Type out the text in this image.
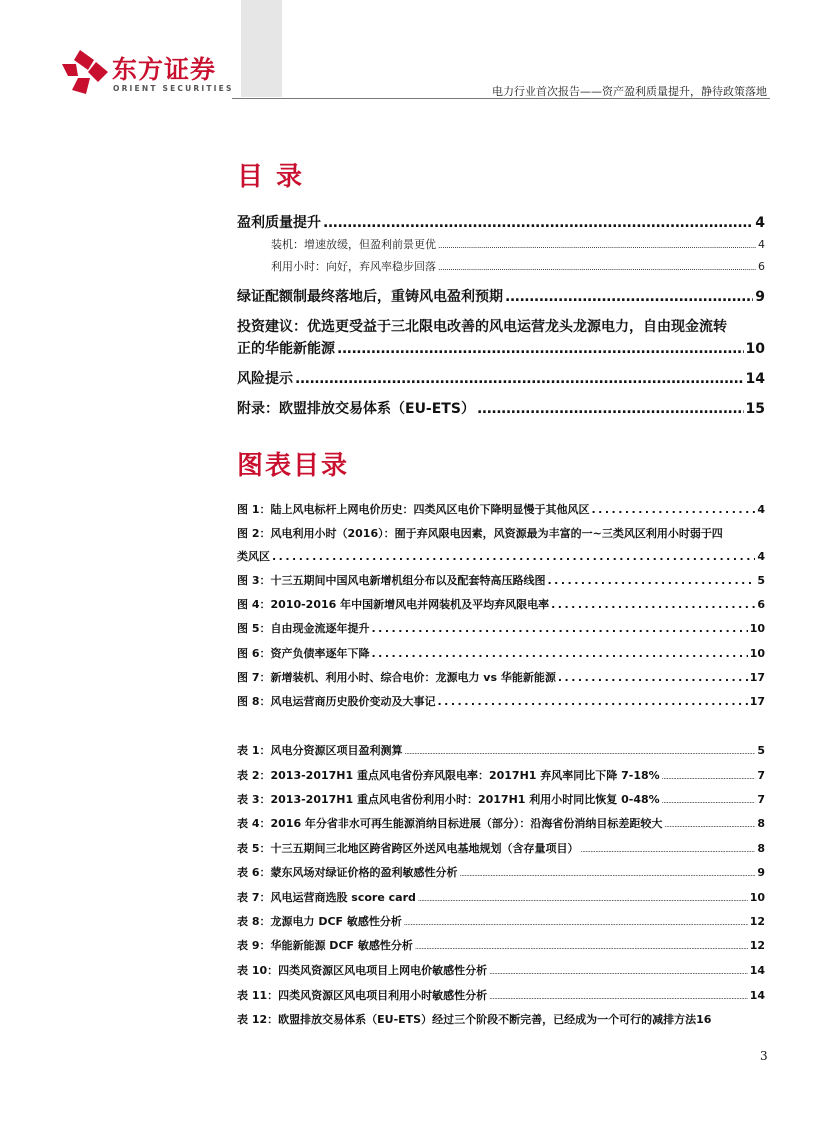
东方证券
ORIENT SECURITIES	电力行业首次报告——资产盈利质量提升，静待政策落地
目 录
盈利质量提升 .....	4
装机：增速放缓，但盈利前景更优 .....	4
利用小时：向好，弃风率稳步回落 .....	6
绿证配额制最终落地后，重铸风电盈利预期 .....	9
投资建议：优选更受益于三北限电改善的风电运营龙头龙源电力，自由现金流转
正的华能新能源 .....	10
风险提示 .....	14
附录：欧盟排放交易体系（EU-ETS） .....	15
图表目录
图 1：陆上风电标杆上网电价历史：四类风区电价下降明显慢于其他风区 .....	4
图 2：风电利用小时（2016）：囿于弃风限电因素，风资源最为丰富的一~三类风区利用小时弱于四
类风区 .....	4
图 3：十三五期间中国风电新增机组分布以及配套特高压路线图 .....	5
图 4：2010-2016 年中国新增风电并网装机及平均弃风限电率 .....	6
图 5：自由现金流逐年提升 .....	10
图 6：资产负债率逐年下降 .....	10
图 7：新增装机、利用小时、综合电价：龙源电力 vs 华能新能源 .....	17
图 8：风电运营商历史股价变动及大事记 .....	17
表 1：风电分资源区项目盈利测算 .....	5
表 2：2013-2017H1 重点风电省份弃风限电率：2017H1 弃风率同比下降 7-18% .....	7
表 3：2013-2017H1 重点风电省份利用小时：2017H1 利用小时同比恢复 0-48% .....	7
表 4：2016 年分省非水可再生能源消纳目标进展（部分）：沿海省份消纳目标差距较大 .....	8
表 5：十三五期间三北地区跨省跨区外送风电基地规划（含存量项目） .....	8
表 6：蒙东风场对绿证价格的盈利敏感性分析 .....	9
表 7：风电运营商选股 score card .....	10
表 8：龙源电力 DCF 敏感性分析 .....	12
表 9：华能新能源 DCF 敏感性分析 .....	12
表 10：四类风资源区风电项目上网电价敏感性分析 .....	14
表 11：四类风资源区风电项目利用小时敏感性分析 .....	14
表 12：欧盟排放交易体系（EU-ETS）经过三个阶段不断完善，已经成为一个可行的减排方法 16
3
